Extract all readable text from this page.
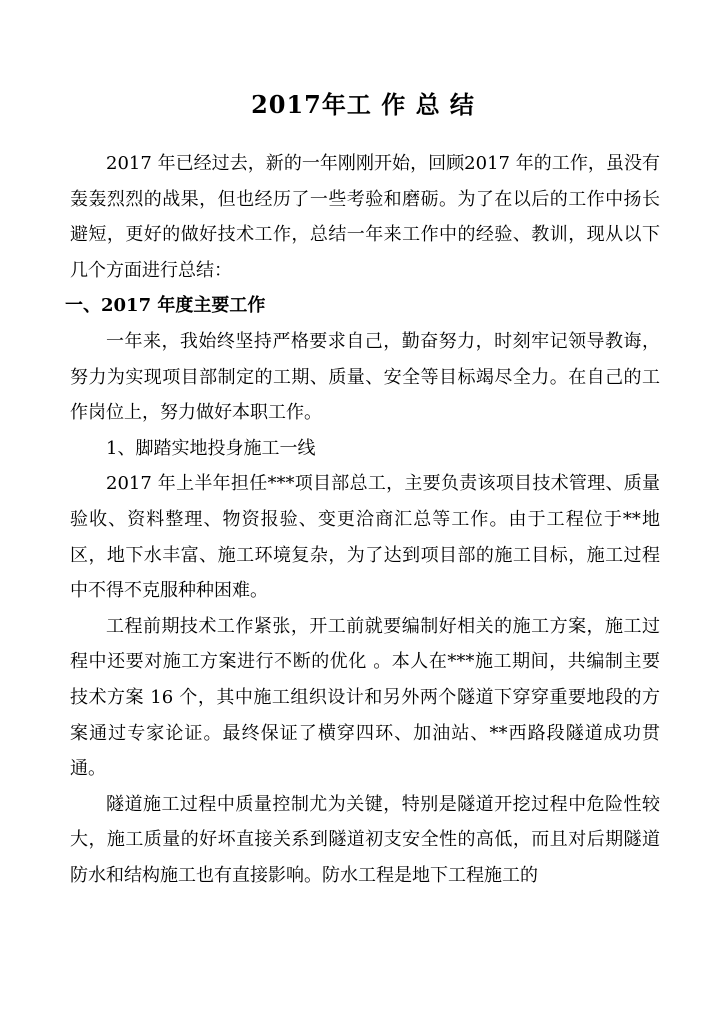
2017年工 作 总 结

2017 年已经过去，新的一年刚刚开始，回顾2017 年的工作，虽没有轰轰烈烈的战果，但也经历了一些考验和磨砺。为了在以后的工作中扬长避短，更好的做好技术工作，总结一年来工作中的经验、教训，现从以下几个方面进行总结：

一、2017 年度主要工作

一年来，我始终坚持严格要求自己，勤奋努力，时刻牢记领导教诲，努力为实现项目部制定的工期、质量、安全等目标竭尽全力。在自己的工作岗位上，努力做好本职工作。

1、脚踏实地投身施工一线

2017 年上半年担任***项目部总工，主要负责该项目技术管理、质量验收、资料整理、物资报验、变更洽商汇总等工作。由于工程位于**地区，地下水丰富、施工环境复杂，为了达到项目部的施工目标，施工过程中不得不克服种种困难。

工程前期技术工作紧张，开工前就要编制好相关的施工方案，施工过程中还要对施工方案进行不断的优化 。本人在***施工期间，共编制主要技术方案 16 个，其中施工组织设计和另外两个隧道下穿穿重要地段的方案通过专家论证。最终保证了横穿四环、加油站、**西路段隧道成功贯通。

隧道施工过程中质量控制尤为关键，特别是隧道开挖过程中危险性较大，施工质量的好坏直接关系到隧道初支安全性的高低，而且对后期隧道防水和结构施工也有直接影响。防水工程是地下工程施工的
